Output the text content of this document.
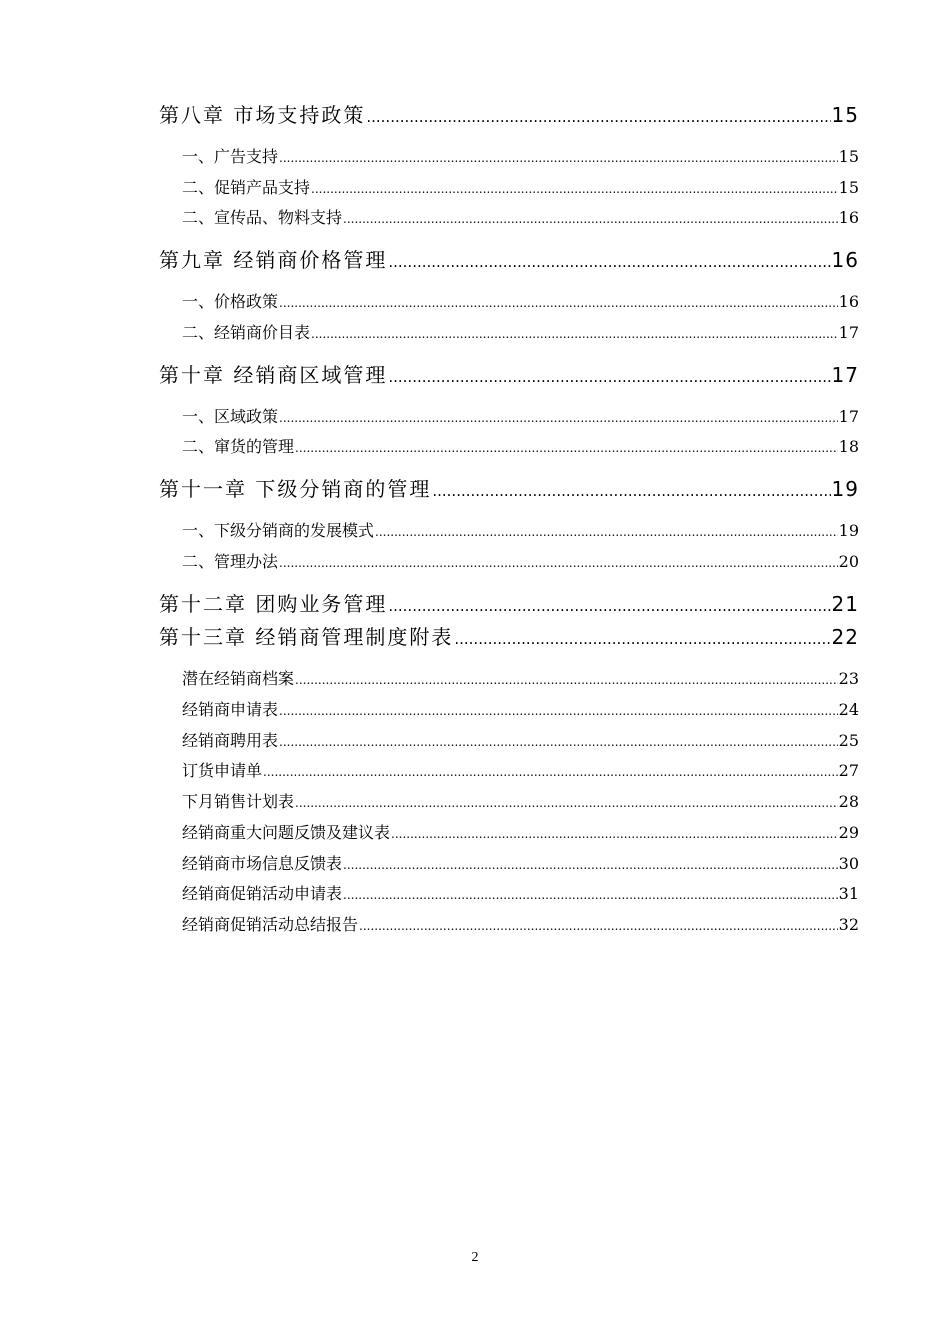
第八章 市场支持政策 .....	15
一、广告支持 .....	15
二、促销产品支持 .....	15
二、宣传品、物料支持 .....	16
第九章 经销商价格管理 .....	16
一、价格政策 .....	16
二、经销商价目表 .....	17
第十章 经销商区域管理 .....	17
一、区域政策 .....	17
二、窜货的管理 .....	18
第十一章 下级分销商的管理 .....	19
一、下级分销商的发展模式 .....	19
二、管理办法 .....	20
第十二章 团购业务管理 .....	21
第十三章 经销商管理制度附表 .....	22
潜在经销商档案 .....	23
经销商申请表 .....	24
经销商聘用表 .....	25
订货申请单 .....	27
下月销售计划表 .....	28
经销商重大问题反馈及建议表 .....	29
经销商市场信息反馈表 .....	30
经销商促销活动申请表 .....	31
经销商促销活动总结报告 .....	32
2
